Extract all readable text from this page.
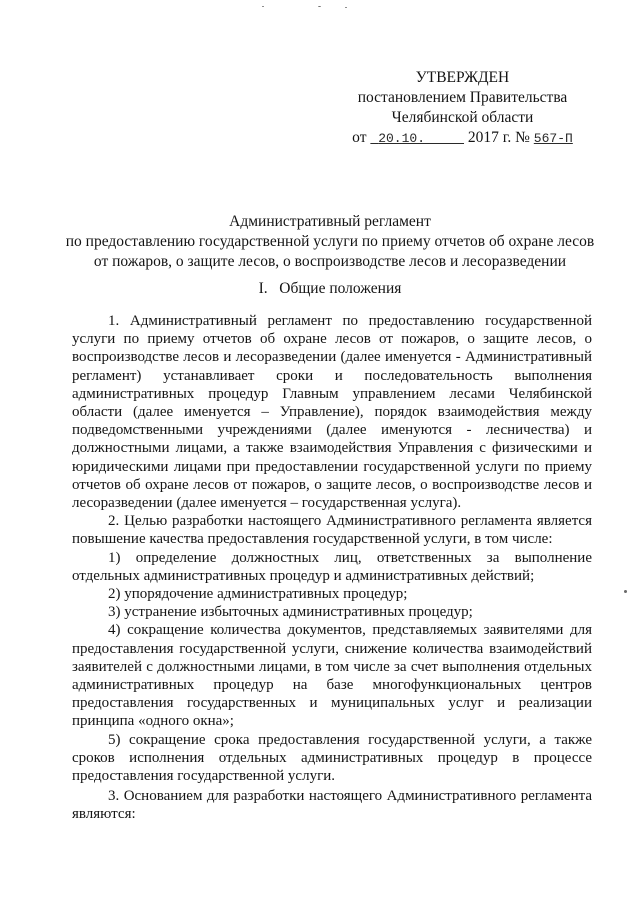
УТВЕРЖДЕН
постановлением Правительства
Челябинской области
от 20.10.	2017 г. № 567-П
Административный регламент
по предоставлению государственной услуги по приему отчетов об охране лесов
от пожаров, о защите лесов, о воспроизводстве лесов и лесоразведении
I. Общие положения

1. Административный регламент по предоставлению государственной услуги по приему отчетов об охране лесов от пожаров, о защите лесов, о воспроизводстве лесов и лесоразведении (далее именуется - Административный регламент) устанавливает сроки и последовательность выполнения административных процедур Главным управлением лесами Челябинской области (далее именуется – Управление), порядок взаимодействия между подведомственными учреждениями (далее именуются - лесничества) и должностными лицами, а также взаимодействия Управления с физическими и юридическими лицами при предоставлении государственной услуги по приему отчетов об охране лесов от пожаров, о защите лесов, о воспроизводстве лесов и лесоразведении (далее именуется – государственная услуга).

2. Целью разработки настоящего Административного регламента является повышение качества предоставления государственной услуги, в том числе:

1) определение должностных лиц, ответственных за выполнение отдельных административных процедур и административных действий;

2) упорядочение административных процедур;

3) устранение избыточных административных процедур;

4) сокращение количества документов, представляемых заявителями для предоставления государственной услуги, снижение количества взаимодействий заявителей с должностными лицами, в том числе за счет выполнения отдельных административных процедур на базе многофункциональных центров предоставления государственных и муниципальных услуг и реализации принципа «одного окна»;

5) сокращение срока предоставления государственной услуги, а также сроков исполнения отдельных административных процедур в процессе предоставления государственной услуги.

3. Основанием для разработки настоящего Административного регламента являются:
